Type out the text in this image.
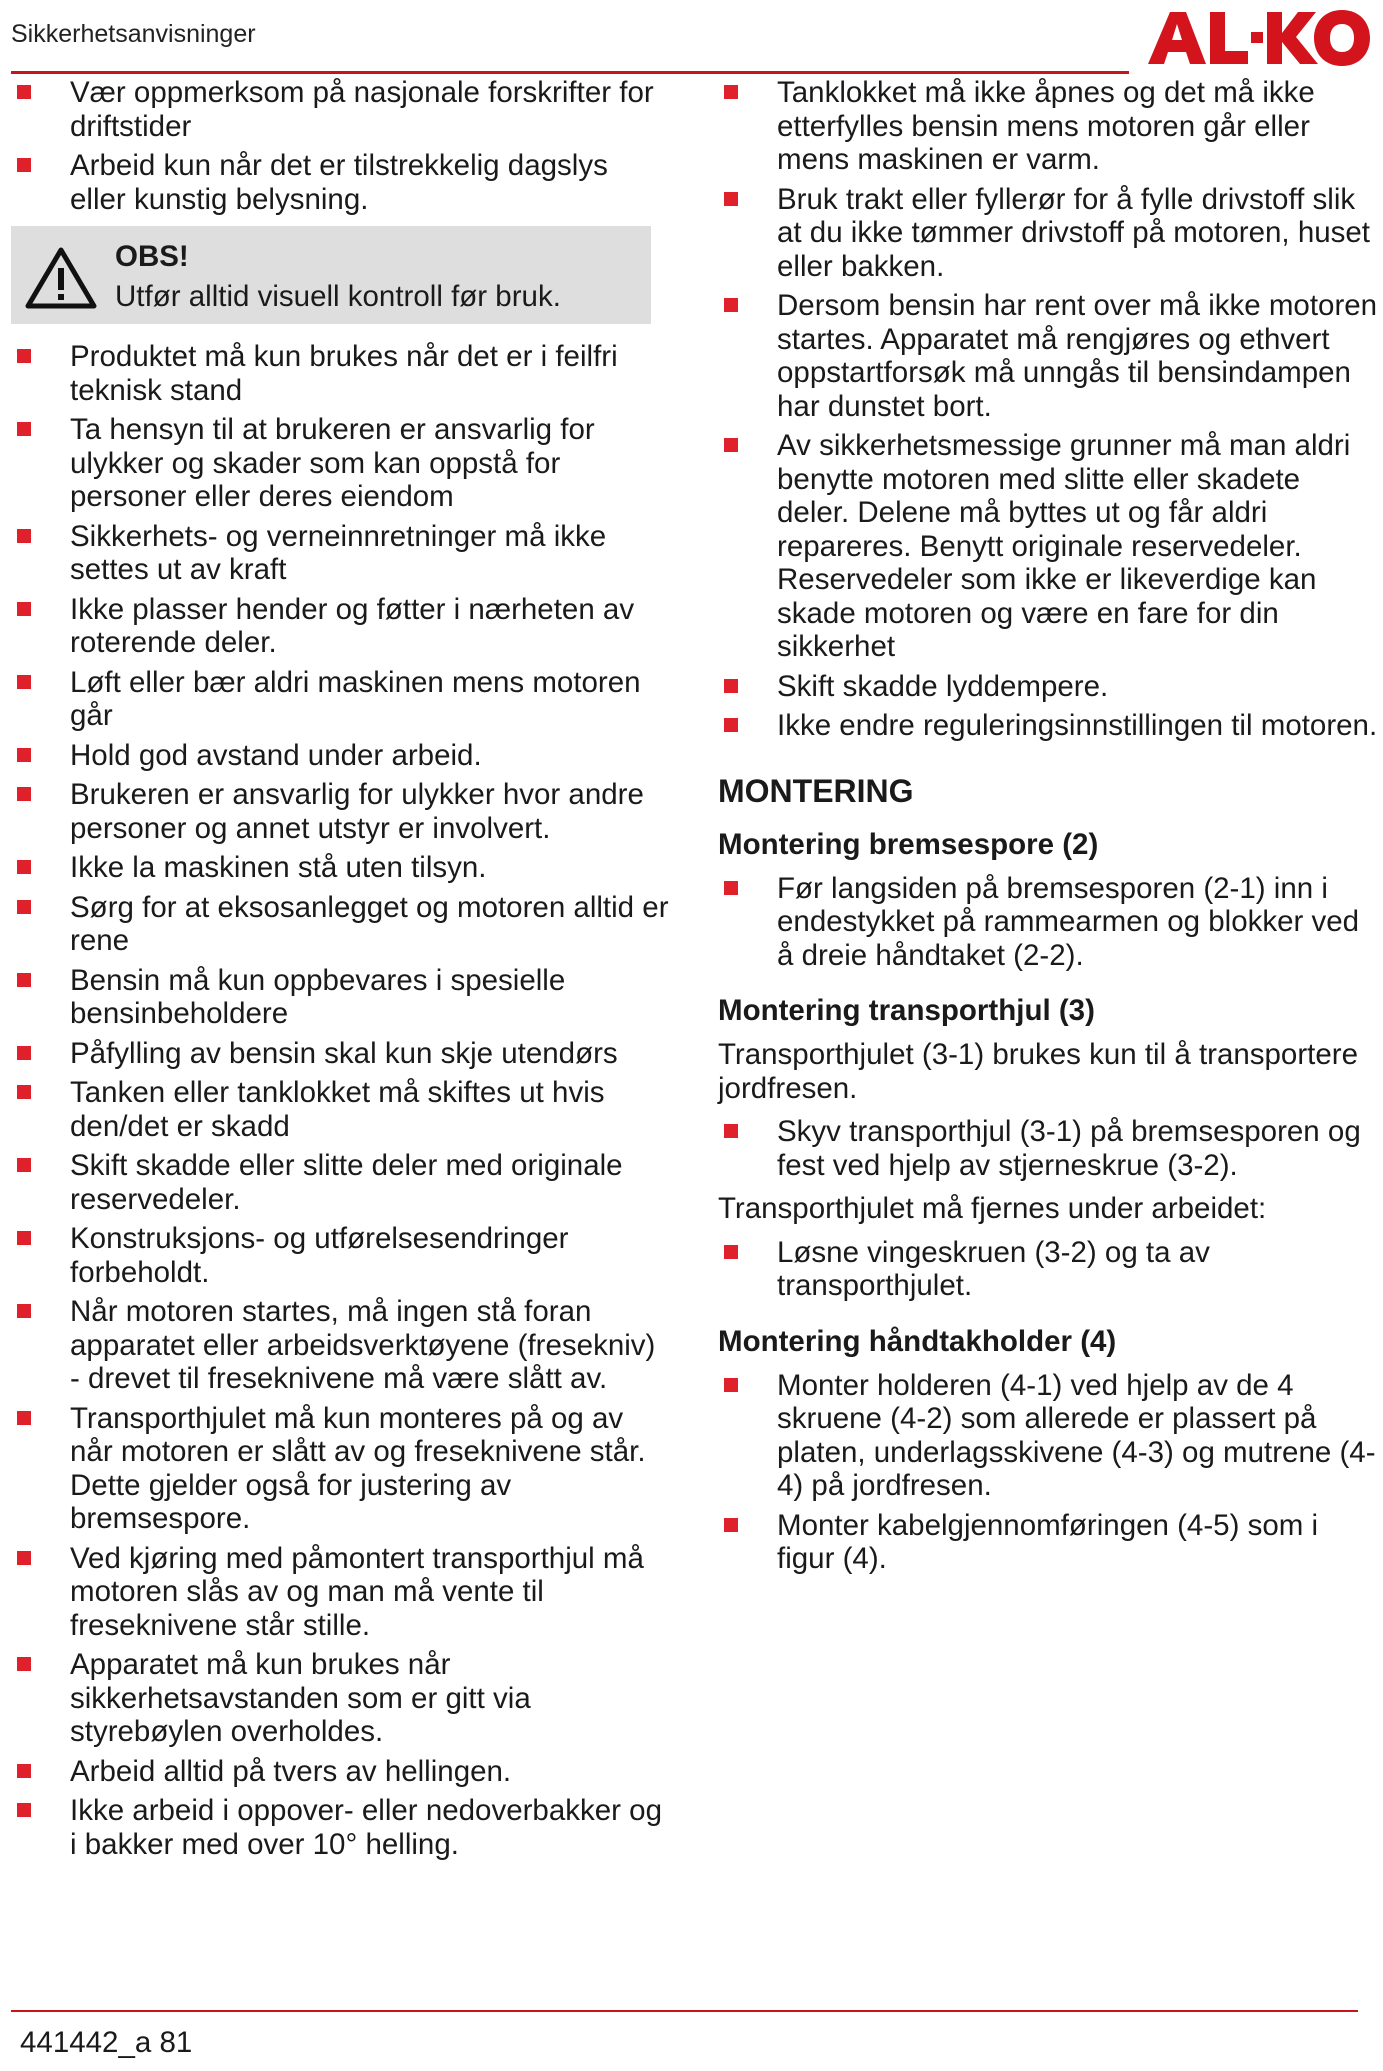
Sikkerhetsanvisninger
Vær oppmerksom på nasjonale forskrifter for driftstider
Arbeid kun når det er tilstrekkelig dagslys eller kunstig belysning.
OBS!
Utfør alltid visuell kontroll før bruk.
Produktet må kun brukes når det er i feilfri teknisk stand
Ta hensyn til at brukeren er ansvarlig for ulykker og skader som kan oppstå for personer eller deres eiendom
Sikkerhets- og verneinnretninger må ikke settes ut av kraft
Ikke plasser hender og føtter i nærheten av roterende deler.
Løft eller bær aldri maskinen mens motoren går
Hold god avstand under arbeid.
Brukeren er ansvarlig for ulykker hvor andre personer og annet utstyr er involvert.
Ikke la maskinen stå uten tilsyn.
Sørg for at eksosanlegget og motoren alltid er rene
Bensin må kun oppbevares i spesielle bensinbeholdere
Påfylling av bensin skal kun skje utendørs
Tanken eller tanklokket må skiftes ut hvis den/det er skadd
Skift skadde eller slitte deler med originale reservedeler.
Konstruksjons- og utførelsesendringer forbeholdt.
Når motoren startes, må ingen stå foran apparatet eller arbeidsverktøyene (fresekniv) - drevet til freseknivene må være slått av.
Transporthjulet må kun monteres på og av når motoren er slått av og freseknivene står. Dette gjelder også for justering av bremsespore.
Ved kjøring med påmontert transporthjul må motoren slås av og man må vente til freseknivene står stille.
Apparatet må kun brukes når sikkerhetsavstanden som er gitt via styrebøylen overholdes.
Arbeid alltid på tvers av hellingen.
Ikke arbeid i oppover- eller nedoverbakker og i bakker med over 10° helling.
Tanklokket må ikke åpnes og det må ikke etterfylles bensin mens motoren går eller mens maskinen er varm.
Bruk trakt eller fyllerør for å fylle drivstoff slik at du ikke tømmer drivstoff på motoren, huset eller bakken.
Dersom bensin har rent over må ikke motoren startes. Apparatet må rengjøres og ethvert oppstartforsøk må unngås til bensindampen har dunstet bort.
Av sikkerhetsmessige grunner må man aldri benytte motoren med slitte eller skadete deler. Delene må byttes ut og får aldri repareres. Benytt originale reservedeler. Reservedeler som ikke er likeverdige kan skade motoren og være en fare for din sikkerhet
Skift skadde lyddempere.
Ikke endre reguleringsinnstillingen til motoren.
MONTERING
Montering bremsespore (2)
Før langsiden på bremsesporen (2-1) inn i endestykket på rammearmen og blokker ved å dreie håndtaket (2-2).
Montering transporthjul (3)
Transporthjulet (3-1) brukes kun til å transportere jordfresen.
Skyv transporthjul (3-1) på bremsesporen og fest ved hjelp av stjerneskrue (3-2).
Transporthjulet må fjernes under arbeidet:
Løsne vingeskruen (3-2) og ta av transporthjulet.
Montering håndtakholder (4)
Monter holderen (4-1) ved hjelp av de 4 skruene (4-2) som allerede er plassert på platen, underlagsskivene (4-3) og mutrene (4-4) på jordfresen.
Monter kabelgjennomføringen (4-5) som i figur (4).
441442_a 81
